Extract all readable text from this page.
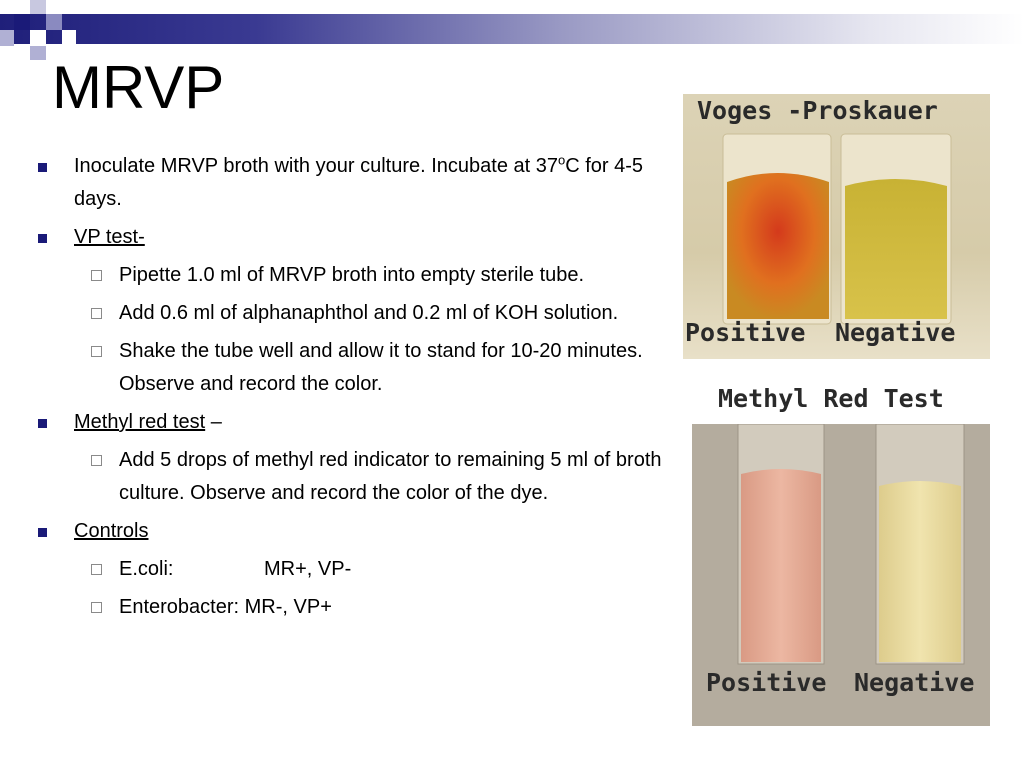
MRVP
Inoculate MRVP broth with your culture. Incubate at 37$^o$C for 4-5 days.
VP test-
Pipette 1.0 ml of MRVP broth into empty sterile tube.
Add 0.6 ml of alphanaphthol and 0.2 ml of KOH solution.
Shake the tube well and allow it to stand for 10-20 minutes. Observe and record the color.
Methyl red test –
Add 5 drops of methyl red indicator to remaining 5 ml of broth culture. Observe and record the color of the dye.
Controls
E.coli:	MR+, VP-
Enterobacter: MR-, VP+
Voges -Proskauer
Positive Negative
Methyl Red Test
Positive Negative
